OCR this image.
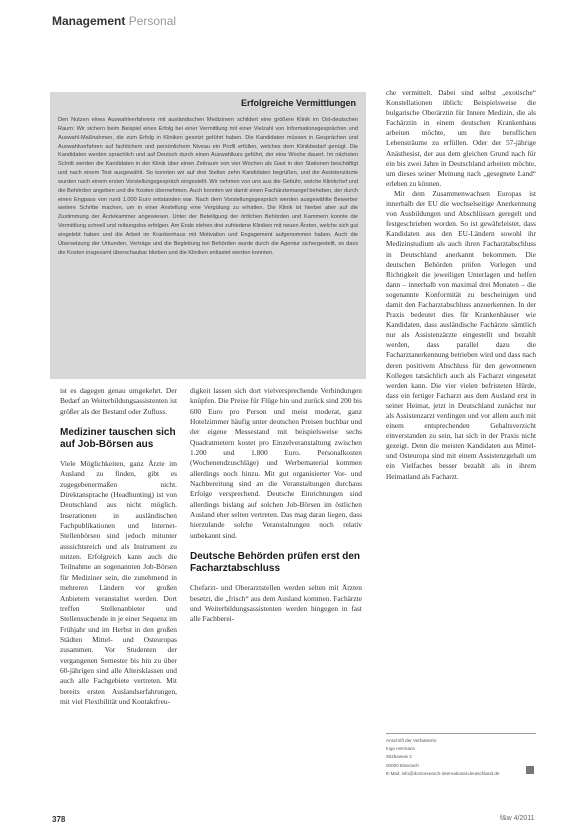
Management Personal
Erfolgreiche Vermittlungen

Den Nutzen eines Auswahlverfahrens mit ausländischen Medizinern schildert eine größere Klinik im Ost-deutschen Raum: Wir sichern beim Beispiel eines Erfolg bei einer Vermittlung mit einer Vielzahl von Informationsgesprächen und Auswahl-Maßnahmen, die zum Erfolg in Kliniken gesetzt geführt haben. Die Kandidaten müssen in Gesprächen und Auswahlverfahren auf fachlichem und persönlichem Niveau ein Profil erfüllen, welches dem Klinikbedarf genügt. Die Kandidaten werden sprachlich und auf Deutsch durch einen Auswahlkurs geführt, der eine Woche dauert. Im nächsten Schritt werden die Kandidaten in der Klinik über einen Zeitraum von vier Wochen als Gast in den Stationen beschäftigt und nach einem Test ausgewählt. So konnten wir auf drei Stellen zehn Kandidaten begrüßen, und die Assistenzärzte wurden nach einem ersten Vorstellungsgespräch eingestellt. Wir nehmen von uns aus die Gebühr, welche Klinikchef und die Behörden angeben und die Kosten übernehmen. Auch konnten wir damit einen Fachärztemangel beheben, der durch einen Engpass von rund 1.000 Euro entstanden war. Nach dem Vorstellungsgespräch werden ausgewählte Bewerber weitere Schritte machen, um in einer Anstellung eine Vergütung zu erhalten. Die Klinik ist hierbei aber auf die Zustimmung der Ärztekammer angewiesen. Unter der Beteiligung der örtlichen Behörden und Kammern konnte die Vermittlung schnell und reibungslos erfolgen. Am Ende stehen drei zufriedene Kliniken mit neuen Ärzten, welche sich gut eingelebt haben und die Arbeit im Krankenhaus mit Motivation und Engagement aufgenommen haben. Auch die Übersetzung der Urkunden, Verträge und die Begleitung bei Behörden wurde durch die Agentur sichergestellt, so dass die Kosten insgesamt überschaubar blieben und die Kliniken entlastet werden konnten.

ist es dagegen genau umgekehrt. Der Bedarf an Weiterbildungsassistenten ist größer als der Bestand oder Zufluss.

Mediziner tauschen sich auf Job-Börsen aus

Viele Möglichkeiten, ganz Ärzte im Ausland zu finden, gibt es zugegebenermaßen nicht. Direktansprache (Headhunting) ist von Deutschland aus nicht möglich. Inserationen in ausländischen Fachpublikationen und Internet-Stellenbörsen sind jedoch mitunter aussichtsreich und als Instrument zu nutzen. Erfolgreich kann auch die Teilnahme an sogenannten Job-Börsen für Mediziner sein, die zunehmend in mehreren Ländern vor großen Anbietern veranstaltet werden. Dort treffen Stellenanbieter und Stellensuchende in je einer Sequenz im Frühjahr und im Herbst in den großen Städten Mittel- und Osteuropas zusammen. Vor Studenten der vergangenen Semester bis hin zu über 60-jährigen sind alle Altersklassen und auch alle Fachgebiete vertreten. Mit bereits ersten Auslandserfahrungen, mit viel Flexibilität und Kontaktfreu-

digkeit lassen sich dort vielversprechende Verbindungen knüpfen. Die Preise für Flüge hin und zurück sind 200 bis 600 Euro pro Person und meist moderat, ganz Hotelzimmer häufig unter deutschen Preisen buchbar und der eigene Messestand mit beispielsweise sechs Quadratmetern kostet pro Einzelveranstaltung zwischen 1.200 und 1.800 Euro. Personalkosten (Wochenendzuschläge) und Werbematerial kommen allerdings noch hinzu. Mit gut organisierter Vor- und Nachbereitung sind an die Veranstaltungen durchaus Erfolge versprechend. Deutsche Einrichtungen sind allerdings bislang auf solchen Job-Börsen im östlichen Ausland eher selten vertreten. Das mag daran liegen, dass hierzulande solche Veranstaltungen noch relativ unbekannt sind.

Deutsche Behörden prüfen erst den Facharztabschluss

Chefarzt- und Oberarztstellen werden selten mit Ärzten besetzt, die „frisch“ aus dem Ausland kommen. Fachärzte und Weiterbildungsassistenten werden hingegen in fast alle Fachberei-

che vermittelt. Dabei sind selbst „exotische“ Konstellationen üblich: Beispielsweise die bulgarische Oberärztin für Innere Medizin, die als Fachärztin in einem deutschen Krankenhaus arbeiten möchte, um ihre beruflichen Lebensträume zu erfüllen. Oder der 57-jährige Anästhesist, der aus dem gleichen Grund nach für ein bis zwei Jahre in Deutschland arbeiten möchte, um dieses seiner Meinung nach „gesegnete Land“ erleben zu können.

Mit dem Zusammenwachsen Europas ist innerhalb der EU die wechselseitige Anerkennung von Ausbildungen und Abschlüssen geregelt und festgeschrieben worden. So ist gewährleistet, dass Kandidaten aus den EU-Ländern sowohl ihr Medizinstudium als auch ihren Facharztabschluss in Deutschland anerkannt bekommen. Die deutschen Behörden prüfen Vorlegen und Richtigkeit die jeweiligen Unterlagen und helfen dann – innerhalb von maximal drei Monaten – die sogenannte Konformität zu bescheinigen und damit den Facharztabschluss anzuerkennen. In der Praxis bedeutet dies für Krankenhäuser wie Kandidaten, dass ausländische Fachärzte sämtlich nur als Assistenzärzte eingestellt und bezahlt werden, dass parallel dazu die Facharztanerkennung betrieben wird und dass nach deren positivem Abschluss für den gewonnenen Kollegen tatsächlich auch als Facharzt eingesetzt werden kann. Die vier vielen befristeten Hürde, dass ein fertiger Facharzt aus dem Ausland erst in seiner Heimat, jetzt in Deutschland zunächst nur als Assistenzarzt verdingen und vor allem auch mit einem entsprechenden Gehaltsverzicht einverstanden zu sein, hat sich in der Praxis nicht gezeigt. Denn die meisten Kandidaten aus Mittel- und Osteuropa sind mit einem Assistenzgehalt um ein Vielfaches besser bezahlt als in ihrem Heimatland als Facharzt.

Anschrift der Verfasserin:
Ingo Hermann
Sitzbeweis 2
00000 Eisenach
E-Mail: info@doctorsearch-international-deutschland.de
378	f&w 4/2011
